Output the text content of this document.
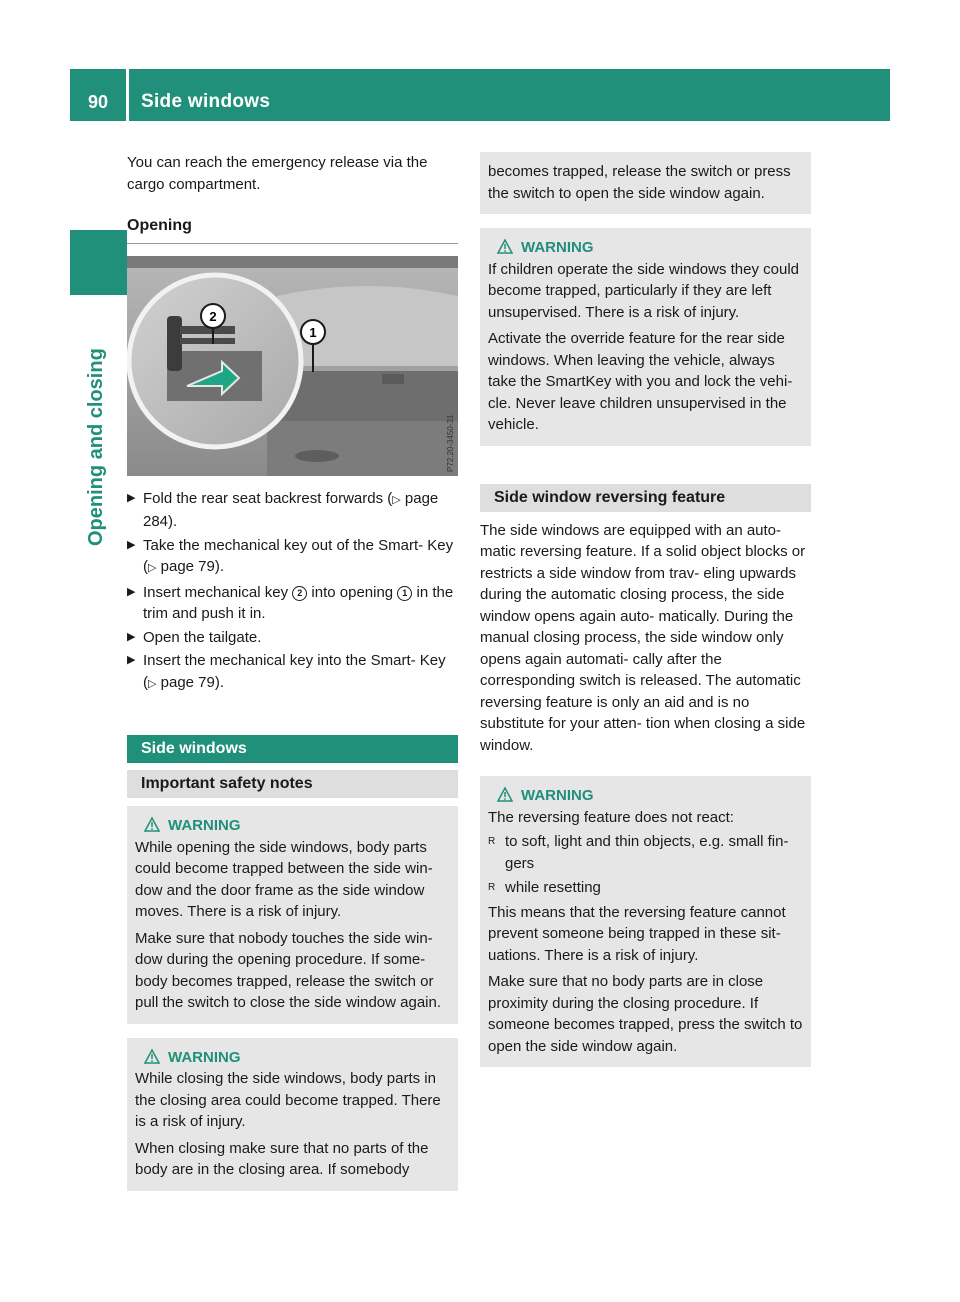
90	Side windows
Opening and closing

You can reach the emergency release via the cargo compartment.

Opening
1
2
P72.20-3450-31
▶ Fold the rear seat backrest forwards (▷ page 284).
▶ Take the mechanical key out of the Smart- Key (▷ page 79).
▶ Insert mechanical key 2 into opening 1 in the trim and push it in.
▶ Open the tailgate.
▶ Insert the mechanical key into the Smart- Key (▷ page 79).
Side windows
Important safety notes
WARNING

While opening the side windows, body parts could become trapped between the side win- dow and the door frame as the side window moves. There is a risk of injury.

Make sure that nobody touches the side win- dow during the opening procedure. If some- body becomes trapped, release the switch or pull the switch to close the side window again.

WARNING

While closing the side windows, body parts in the closing area could become trapped. There is a risk of injury.

When closing make sure that no parts of the body are in the closing area. If somebody

becomes trapped, release the switch or press the switch to open the side window again.

WARNING

If children operate the side windows they could become trapped, particularly if they are left unsupervised. There is a risk of injury.

Activate the override feature for the rear side windows. When leaving the vehicle, always take the SmartKey with you and lock the vehi- cle. Never leave children unsupervised in the vehicle.

Side window reversing feature

The side windows are equipped with an auto- matic reversing feature. If a solid object blocks or restricts a side window from trav- eling upwards during the automatic closing process, the side window opens again auto- matically. During the manual closing process, the side window only opens again automati- cally after the corresponding switch is released. The automatic reversing feature is only an aid and is no substitute for your atten- tion when closing a side window.

WARNING

The reversing feature does not react:

R to soft, light and thin objects, e.g. small fin- gers
R while resetting

This means that the reversing feature cannot prevent someone being trapped in these sit- uations. There is a risk of injury.

Make sure that no body parts are in close proximity during the closing procedure. If someone becomes trapped, press the switch to open the side window again.
